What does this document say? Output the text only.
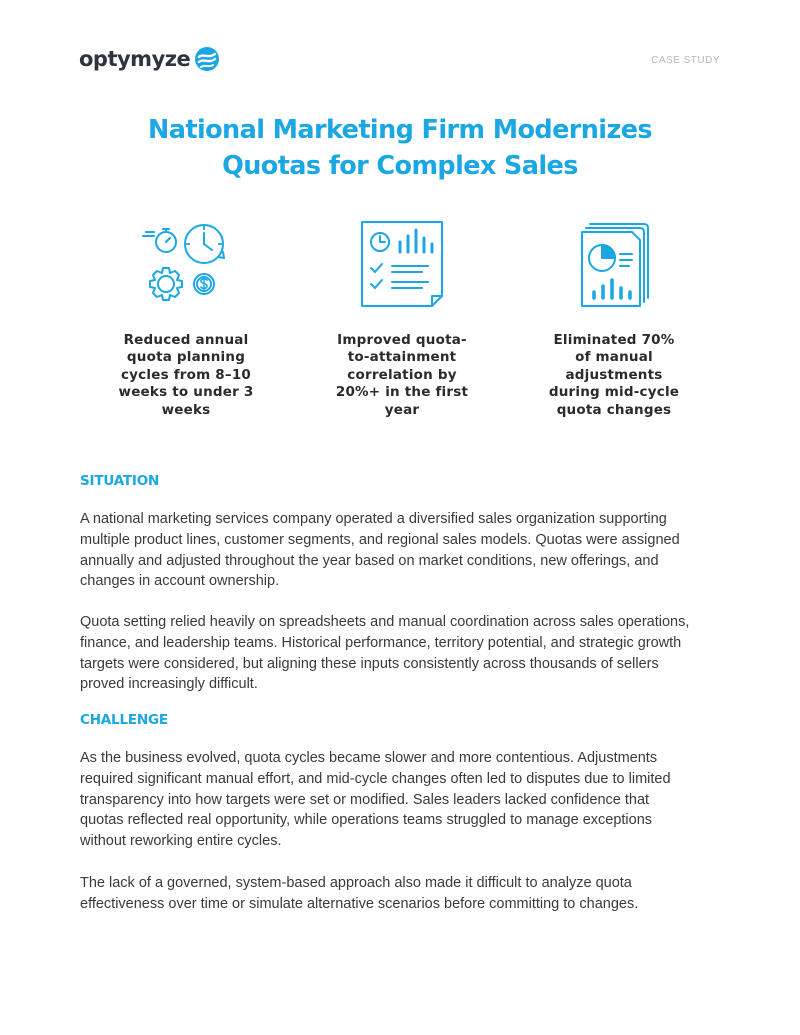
optymyze	CASE STUDY
National Marketing Firm Modernizes
Quotas for Complex Sales
Reduced annual quota planning cycles from 8–10 weeks to under 3 weeks
Improved quota-to-attainment correlation by 20%+ in the first year
Eliminated 70% of manual adjustments during mid-cycle quota changes
SITUATION

A national marketing services company operated a diversified sales organization supporting multiple product lines, customer segments, and regional sales models. Quotas were assigned annually and adjusted throughout the year based on market conditions, new offerings, and changes in account ownership.

Quota setting relied heavily on spreadsheets and manual coordination across sales operations, finance, and leadership teams. Historical performance, territory potential, and strategic growth targets were considered, but aligning these inputs consistently across thousands of sellers proved increasingly difficult.

CHALLENGE

As the business evolved, quota cycles became slower and more contentious. Adjustments required significant manual effort, and mid-cycle changes often led to disputes due to limited transparency into how targets were set or modified. Sales leaders lacked confidence that quotas reflected real opportunity, while operations teams struggled to manage exceptions without reworking entire cycles.

The lack of a governed, system-based approach also made it difficult to analyze quota effectiveness over time or simulate alternative scenarios before committing to changes.
